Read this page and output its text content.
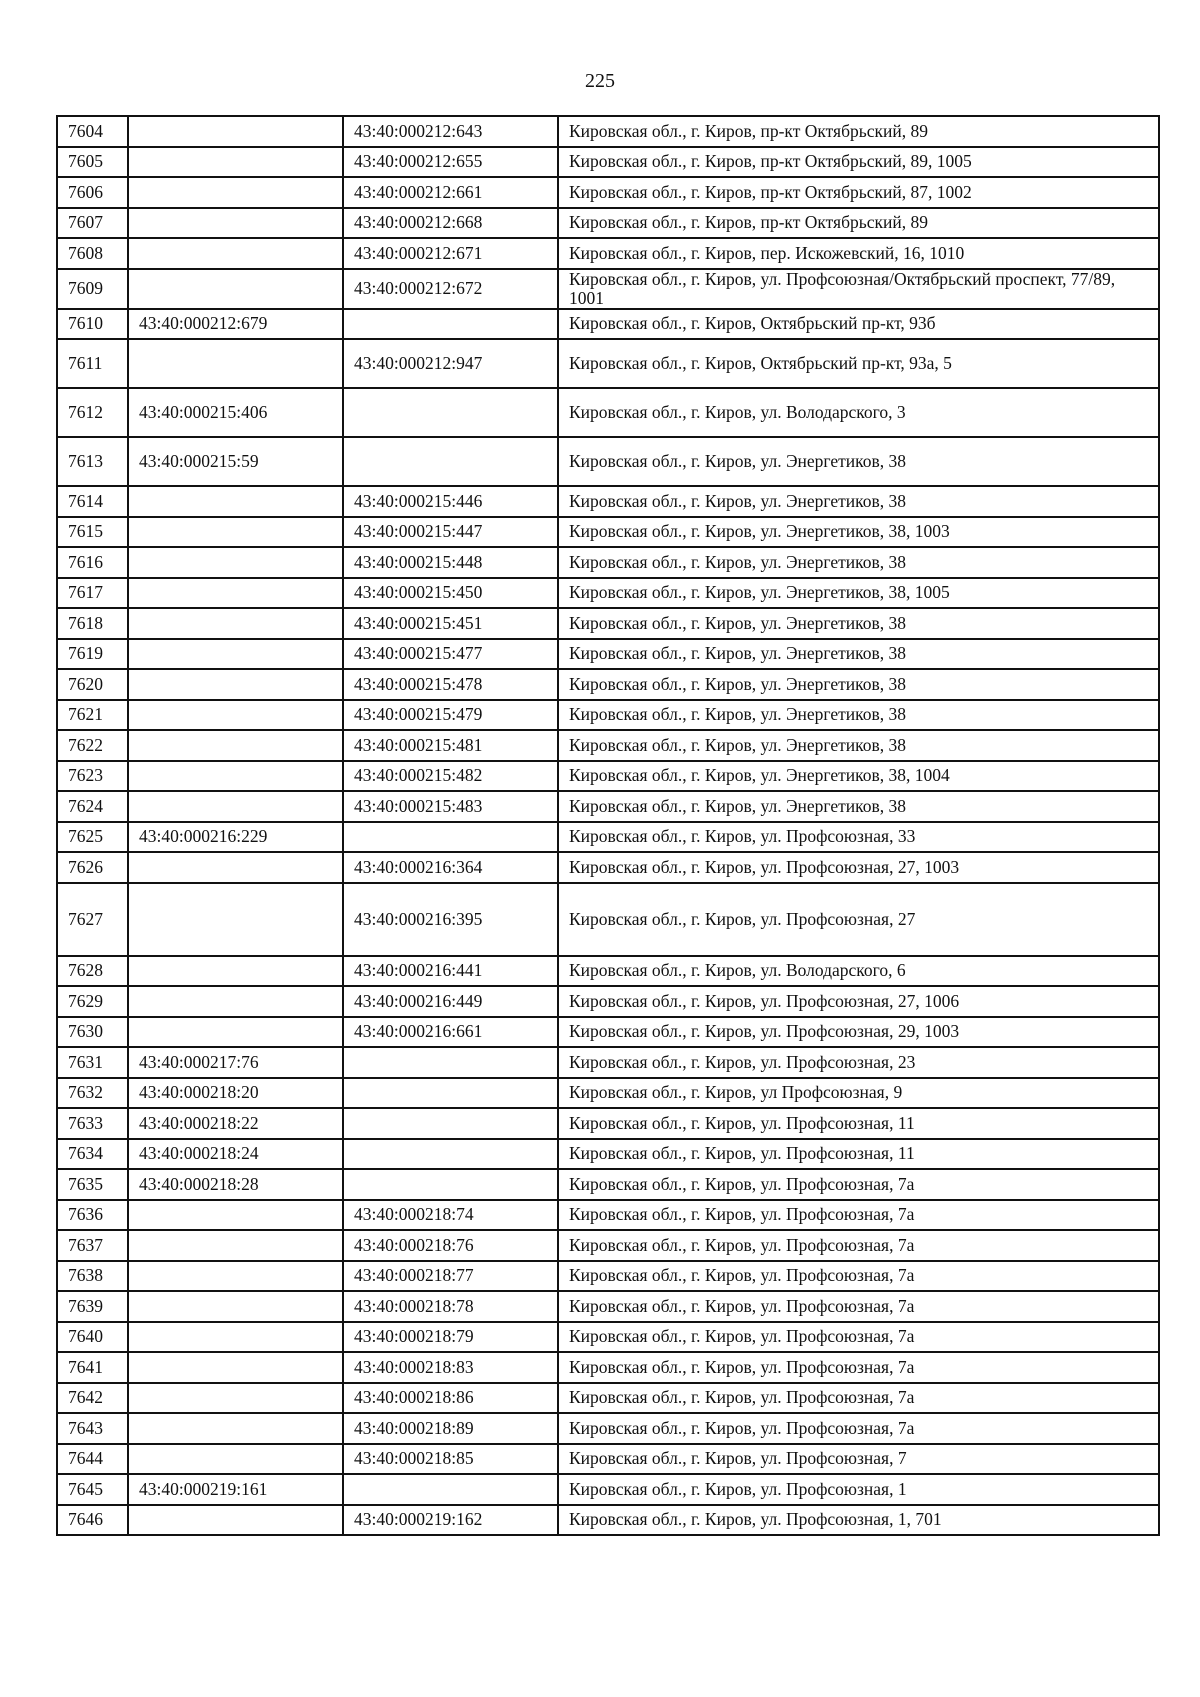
225
7604		43:40:000212:643	Кировская обл., г. Киров, пр-кт Октябрьский, 89
7605		43:40:000212:655	Кировская обл., г. Киров, пр-кт Октябрьский, 89, 1005
7606		43:40:000212:661	Кировская обл., г. Киров, пр-кт Октябрьский, 87, 1002
7607		43:40:000212:668	Кировская обл., г. Киров, пр-кт Октябрьский, 89
7608		43:40:000212:671	Кировская обл., г. Киров, пер. Искожевский, 16, 1010
7609		43:40:000212:672	Кировская обл., г. Киров, ул. Профсоюзная/Октябрьский проспект, 77/89, 1001
7610	43:40:000212:679		Кировская обл., г. Киров, Октябрьский пр-кт, 93б
7611		43:40:000212:947	Кировская обл., г. Киров, Октябрьский пр-кт, 93а, 5
7612	43:40:000215:406		Кировская обл., г. Киров, ул. Володарского, 3
7613	43:40:000215:59		Кировская обл., г. Киров, ул. Энергетиков, 38
7614		43:40:000215:446	Кировская обл., г. Киров, ул. Энергетиков, 38
7615		43:40:000215:447	Кировская обл., г. Киров, ул. Энергетиков, 38, 1003
7616		43:40:000215:448	Кировская обл., г. Киров, ул. Энергетиков, 38
7617		43:40:000215:450	Кировская обл., г. Киров, ул. Энергетиков, 38, 1005
7618		43:40:000215:451	Кировская обл., г. Киров, ул. Энергетиков, 38
7619		43:40:000215:477	Кировская обл., г. Киров, ул. Энергетиков, 38
7620		43:40:000215:478	Кировская обл., г. Киров, ул. Энергетиков, 38
7621		43:40:000215:479	Кировская обл., г. Киров, ул. Энергетиков, 38
7622		43:40:000215:481	Кировская обл., г. Киров, ул. Энергетиков, 38
7623		43:40:000215:482	Кировская обл., г. Киров, ул. Энергетиков, 38, 1004
7624		43:40:000215:483	Кировская обл., г. Киров, ул. Энергетиков, 38
7625	43:40:000216:229		Кировская обл., г. Киров, ул. Профсоюзная, 33
7626		43:40:000216:364	Кировская обл., г. Киров, ул. Профсоюзная, 27, 1003
7627		43:40:000216:395	Кировская обл., г. Киров, ул. Профсоюзная, 27
7628		43:40:000216:441	Кировская обл., г. Киров, ул. Володарского, 6
7629		43:40:000216:449	Кировская обл., г. Киров, ул. Профсоюзная, 27, 1006
7630		43:40:000216:661	Кировская обл., г. Киров, ул. Профсоюзная, 29, 1003
7631	43:40:000217:76		Кировская обл., г. Киров, ул. Профсоюзная, 23
7632	43:40:000218:20		Кировская обл., г. Киров, ул Профсоюзная, 9
7633	43:40:000218:22		Кировская обл., г. Киров, ул. Профсоюзная, 11
7634	43:40:000218:24		Кировская обл., г. Киров, ул. Профсоюзная, 11
7635	43:40:000218:28		Кировская обл., г. Киров, ул. Профсоюзная, 7а
7636		43:40:000218:74	Кировская обл., г. Киров, ул. Профсоюзная, 7а
7637		43:40:000218:76	Кировская обл., г. Киров, ул. Профсоюзная, 7а
7638		43:40:000218:77	Кировская обл., г. Киров, ул. Профсоюзная, 7а
7639		43:40:000218:78	Кировская обл., г. Киров, ул. Профсоюзная, 7а
7640		43:40:000218:79	Кировская обл., г. Киров, ул. Профсоюзная, 7а
7641		43:40:000218:83	Кировская обл., г. Киров, ул. Профсоюзная, 7а
7642		43:40:000218:86	Кировская обл., г. Киров, ул. Профсоюзная, 7а
7643		43:40:000218:89	Кировская обл., г. Киров, ул. Профсоюзная, 7а
7644		43:40:000218:85	Кировская обл., г. Киров, ул. Профсоюзная, 7
7645	43:40:000219:161		Кировская обл., г. Киров, ул. Профсоюзная, 1
7646		43:40:000219:162	Кировская обл., г. Киров, ул. Профсоюзная, 1, 701
